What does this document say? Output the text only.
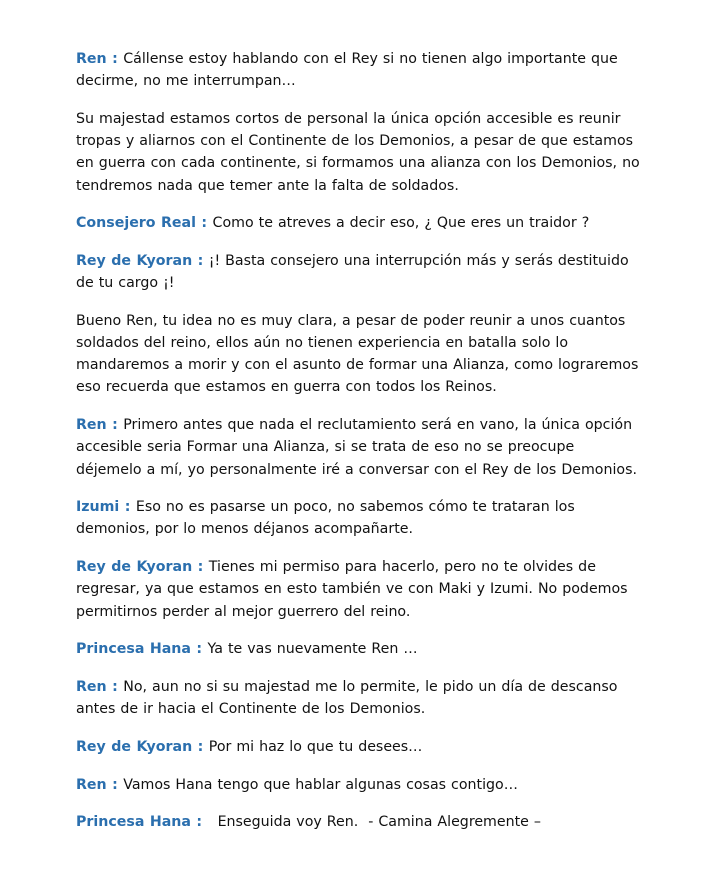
Ren : Cállense estoy hablando con el Rey si no tienen algo importante que decirme, no me interrumpan…

Su majestad estamos cortos de personal la única opción accesible es reunir tropas y aliarnos con el Continente de los Demonios, a pesar de que estamos en guerra con cada continente, si formamos una alianza con los Demonios, no tendremos nada que temer ante la falta de soldados.

Consejero Real : Como te atreves a decir eso, ¿ Que eres un traidor ?

Rey de Kyoran : ¡! Basta consejero una interrupción más y serás destituido de tu cargo ¡!

Bueno Ren, tu idea no es muy clara, a pesar de poder reunir a unos cuantos soldados del reino, ellos aún no tienen experiencia en batalla solo lo mandaremos a morir y con el asunto de formar una Alianza, como lograremos eso recuerda que estamos en guerra con todos los Reinos.

Ren : Primero antes que nada el reclutamiento será en vano, la única opción accesible seria Formar una Alianza, si se trata de eso no se preocupe déjemelo a mí, yo personalmente iré a conversar con el Rey de los Demonios.

Izumi : Eso no es pasarse un poco, no sabemos cómo te trataran los demonios, por lo menos déjanos acompañarte.

Rey de Kyoran : Tienes mi permiso para hacerlo, pero no te olvides de regresar, ya que estamos en esto también ve con Maki y Izumi. No podemos permitirnos perder al mejor guerrero del reino.

Princesa Hana : Ya te vas nuevamente Ren …

Ren : No, aun no si su majestad me lo permite, le pido un día de descanso antes de ir hacia el Continente de los Demonios.

Rey de Kyoran : Por mi haz lo que tu desees…

Ren : Vamos Hana tengo que hablar algunas cosas contigo…

Princesa Hana :   Enseguida voy Ren.  - Camina Alegremente –
